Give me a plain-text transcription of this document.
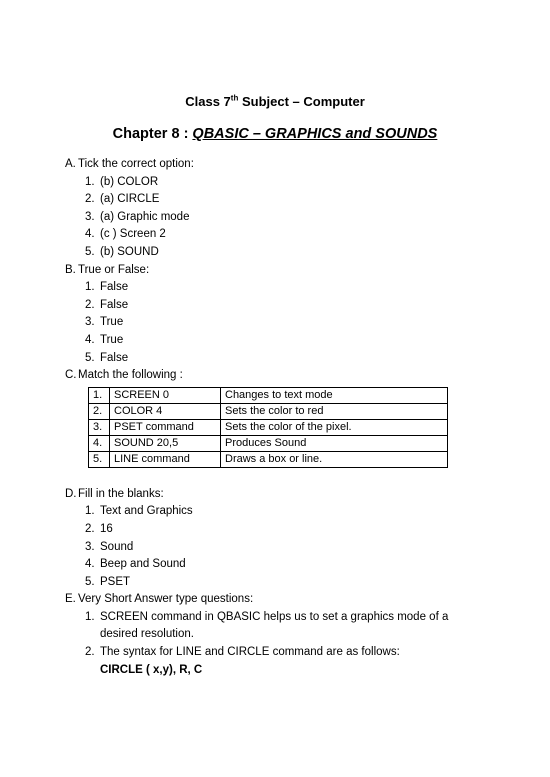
Class 7th Subject – Computer
Chapter 8 : QBASIC – GRAPHICS and SOUNDS
A. Tick the correct option:
1. (b) COLOR
2. (a) CIRCLE
3. (a) Graphic mode
4. (c ) Screen 2
5. (b) SOUND
B. True or False:
1. False
2. False
3. True
4. True
5. False
C. Match the following :
1.	SCREEN 0	Changes to text mode
2.	COLOR 4	Sets the color to red
3.	PSET command	Sets the color of the pixel.
4.	SOUND 20,5	Produces Sound
5.	LINE command	Draws a box or line.
D. Fill in the blanks:
1. Text and Graphics
2. 16
3. Sound
4. Beep and Sound
5. PSET
E. Very Short Answer type questions:
1. SCREEN command in QBASIC helps us to set a graphics mode of a
desired resolution.
2. The syntax for LINE and CIRCLE command are as follows:
CIRCLE ( x,y), R, C
